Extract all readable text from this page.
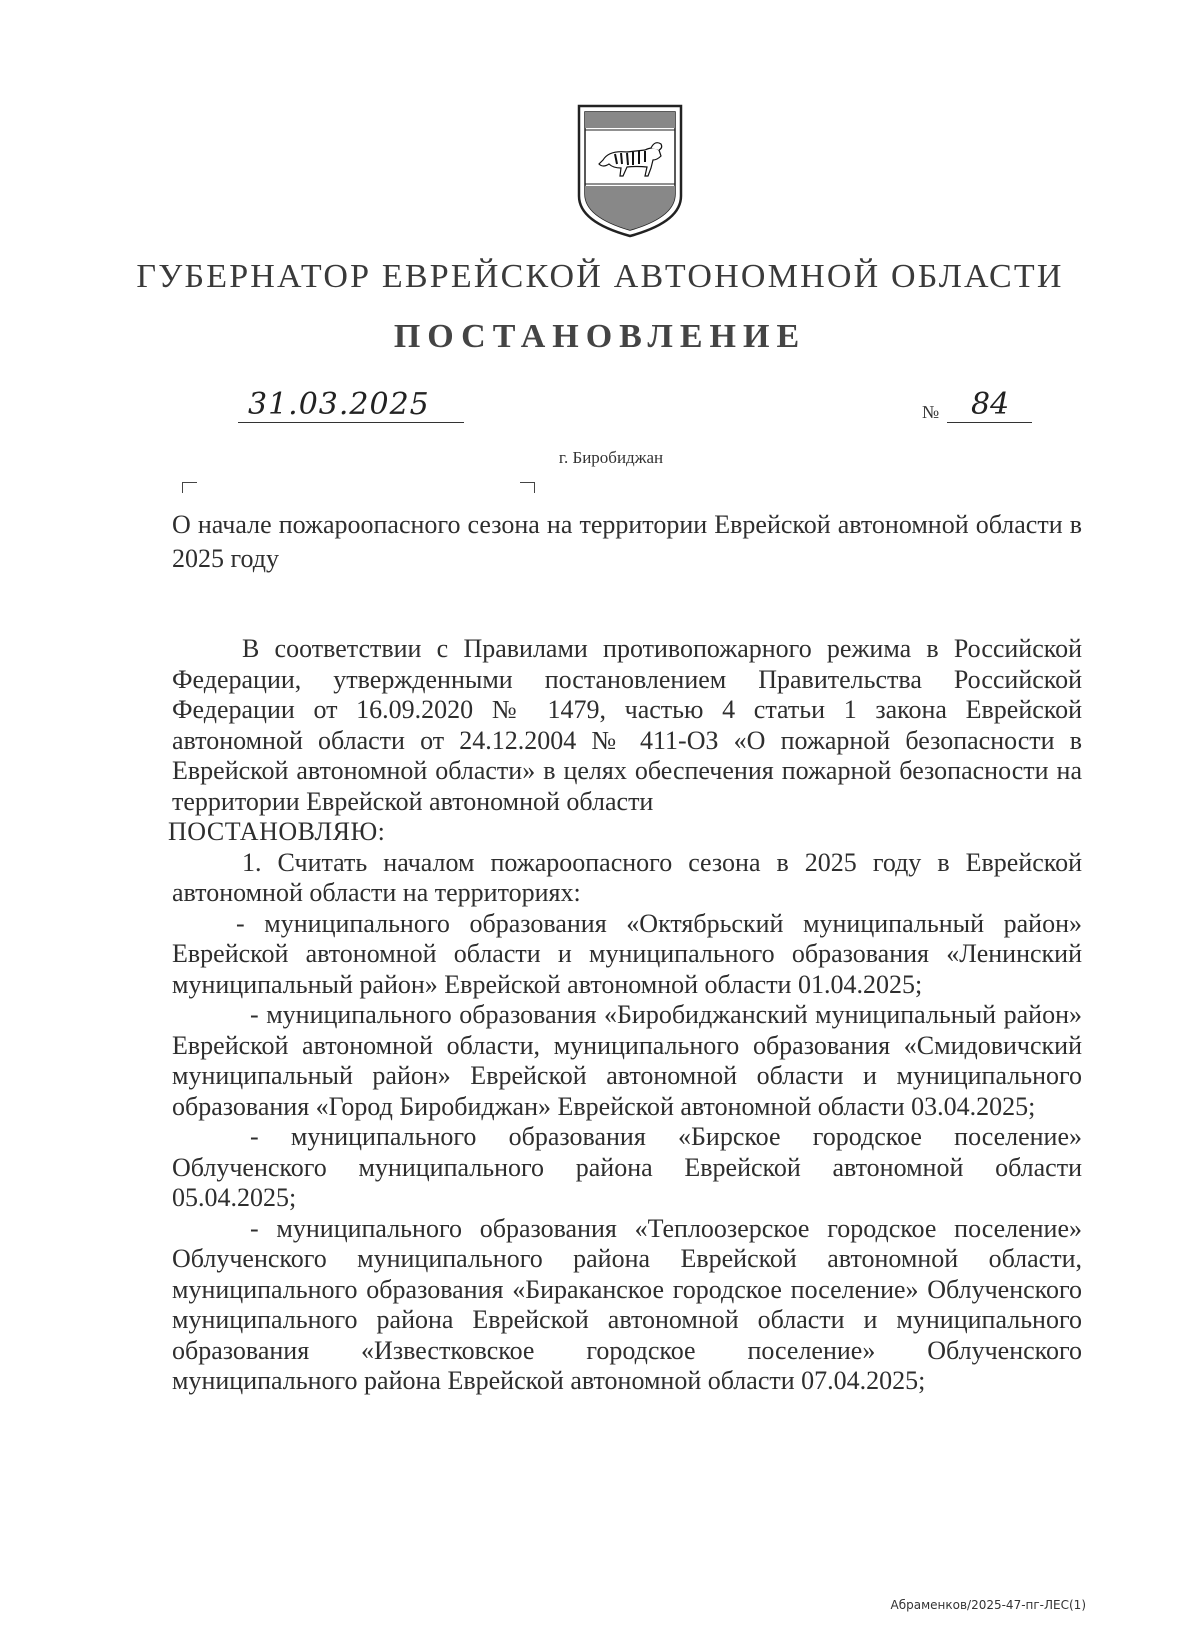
ГУБЕРНАТОР ЕВРЕЙСКОЙ АВТОНОМНОЙ ОБЛАСТИ
ПОСТАНОВЛЕНИЕ
31.03.2025	№ 84
г. Биробиджан
О начале пожароопасного сезона на территории Еврейской автономной области в 2025 году

В соответствии с Правилами противопожарного режима в Российской Федерации, утвержденными постановлением Правительства Российской Федерации от 16.09.2020 № 1479, частью 4 статьи 1 закона Еврейской автономной области от 24.12.2004 № 411-ОЗ «О пожарной безопасности в Еврейской автономной области» в целях обеспечения пожарной безопасности на территории Еврейской автономной области

ПОСТАНОВЛЯЮ:

1. Считать началом пожароопасного сезона в 2025 году в Еврейской автономной области на территориях:

- муниципального образования «Октябрьский муниципальный район» Еврейской автономной области и муниципального образования «Ленинский муниципальный район» Еврейской автономной области 01.04.2025;

- муниципального образования «Биробиджанский муниципальный район» Еврейской автономной области, муниципального образования «Смидовичский муниципальный район» Еврейской автономной области и муниципального образования «Город Биробиджан» Еврейской автономной области 03.04.2025;

- муниципального образования «Бирское городское поселение» Облученского муниципального района Еврейской автономной области 05.04.2025;

- муниципального образования «Теплоозерское городское поселение» Облученского муниципального района Еврейской автономной области, муниципального образования «Бираканское городское поселение» Облученского муниципального района Еврейской автономной области и муниципального образования «Известковское городское поселение» Облученского муниципального района Еврейской автономной области 07.04.2025;

Абраменков/2025-47-пг-ЛЕС(1)
